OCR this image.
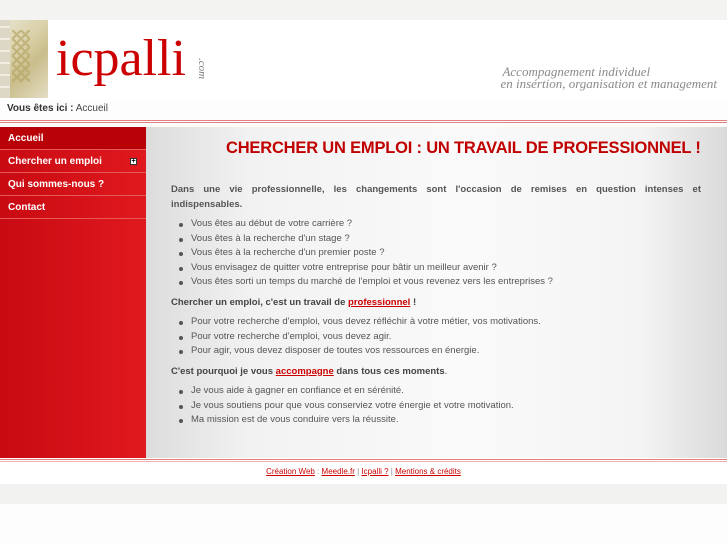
icpalli .com	Accompagnement individuel
en insértion, organisation et management
Vous êtes ici : Accueil
Accueil
Chercher un emploi	+
Qui sommes-nous ?
Contact
CHERCHER UN EMPLOI : UN TRAVAIL DE PROFESSIONNEL !

Dans une vie professionnelle, les changements sont l'occasion de remises en question intenses et indispensables.

Vous êtes au début de votre carrière ?
Vous êtes à la recherche d'un stage ?
Vous êtes à la recherche d'un premier poste ?
Vous envisagez de quitter votre entreprise pour bâtir un meilleur avenir ?
Vous êtes sorti un temps du marché de l'emploi et vous revenez vers les entreprises ?

Chercher un emploi, c'est un travail de professionnel !

Pour votre recherche d'emploi, vous devez réfléchir à votre métier, vos motivations.
Pour votre recherche d'emploi, vous devez agir.
Pour agir, vous devez disposer de toutes vos ressources en énergie.

C'est pourquoi je vous accompagne dans tous ces moments.

Je vous aide à gagner en confiance et en sérénité.
Je vous soutiens pour que vous conserviez votre énergie et votre motivation.
Ma mission est de vous conduire vers la réussite.
Création Web : Meedle.fr | Icpalli ? | Mentions & crédits
